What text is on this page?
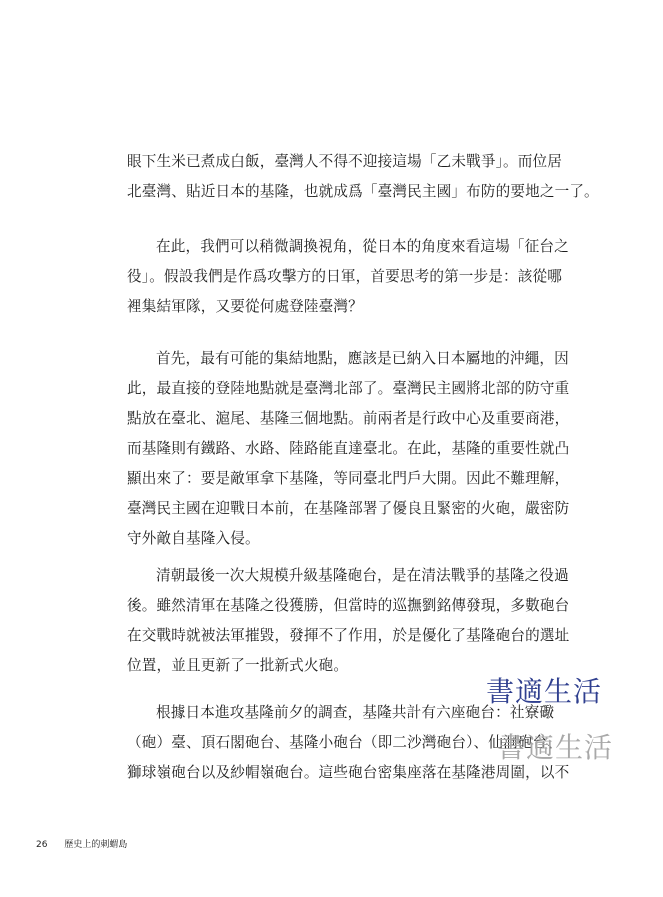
眼下生米已煮成白飯，臺灣人不得不迎接這場「乙未戰爭」。而位居
北臺灣、貼近日本的基隆，也就成爲「臺灣民主國」布防的要地之一了。
在此，我們可以稍微調換視角，從日本的角度來看這場「征台之
役」。假設我們是作爲攻擊方的日軍，首要思考的第一步是：該從哪
裡集結軍隊，又要從何處登陸臺灣？
首先，最有可能的集結地點，應該是已納入日本屬地的沖繩，因
此，最直接的登陸地點就是臺灣北部了。臺灣民主國將北部的防守重
點放在臺北、滬尾、基隆三個地點。前兩者是行政中心及重要商港，
而基隆則有鐵路、水路、陸路能直達臺北。在此，基隆的重要性就凸
顯出來了：要是敵軍拿下基隆，等同臺北門戶大開。因此不難理解，
臺灣民主國在迎戰日本前，在基隆部署了優良且緊密的火砲，嚴密防
守外敵自基隆入侵。
清朝最後一次大規模升級基隆砲台，是在清法戰爭的基隆之役過
後。雖然清軍在基隆之役獲勝，但當時的巡撫劉銘傳發現，多數砲台
在交戰時就被法軍摧毀，發揮不了作用，於是優化了基隆砲台的選址
位置，並且更新了一批新式火砲。
根據日本進攻基隆前夕的調查，基隆共計有六座砲台：社寮礮
（砲）臺、頂石閣砲台、基隆小砲台（即二沙灣砲台）、仙洞砲台、
獅球嶺砲台以及紗帽嶺砲台。這些砲台密集座落在基隆港周圍，以不
書適生活
書適生活
26 歷史上的刺蝟島
